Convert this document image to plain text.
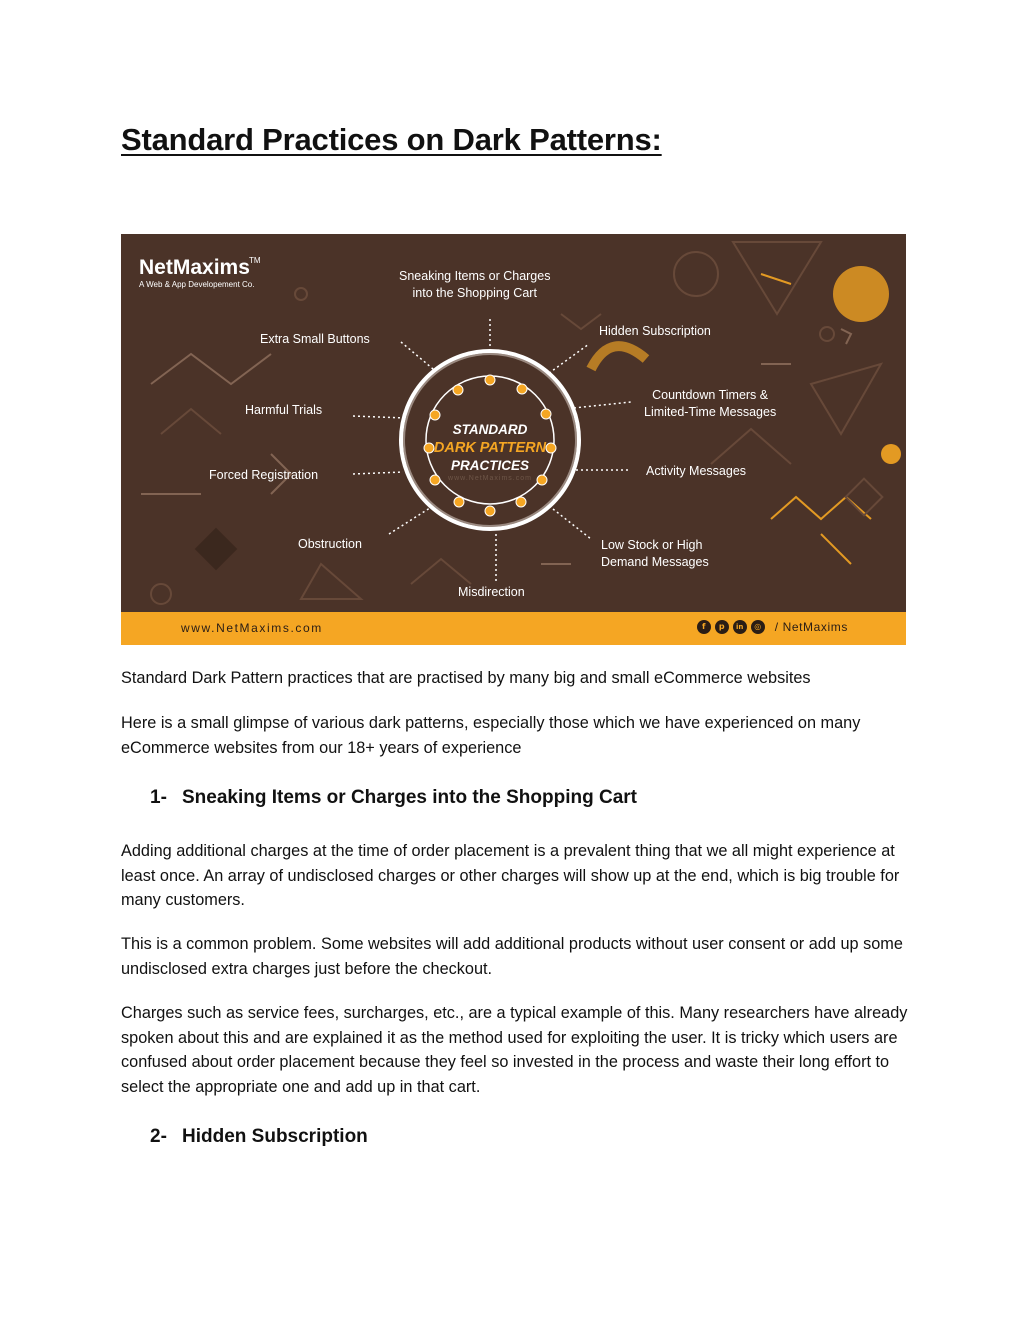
Standard Practices on Dark Patterns:
NetMaxims TM
A Web & App Developement Co.
Sneaking Items or Charges
into the Shopping Cart
Hidden Subscription
Extra Small Buttons
Countdown Timers &
Limited-Time Messages
Harmful Trials
Activity Messages
Forced Registration
Obstruction	Low Stock or High
Demand Messages
Misdirection
STANDARD
DARK PATTERN
PRACTICES
www.NetMaxims.com
www.NetMaxims.com	f	p	in	◎ / NetMaxims

Standard Dark Pattern practices that are practised by many big and small eCommerce websites

Here is a small glimpse of various dark patterns, especially those which we have experienced on many eCommerce websites from our 18+ years of experience

1- Sneaking Items or Charges into the Shopping Cart

Adding additional charges at the time of order placement is a prevalent thing that we all might experience at least once. An array of undisclosed charges or other charges will show up at the end, which is big trouble for many customers.

This is a common problem. Some websites will add additional products without user consent or add up some undisclosed extra charges just before the checkout.

Charges such as service fees, surcharges, etc., are a typical example of this. Many researchers have already spoken about this and are explained it as the method used for exploiting the user. It is tricky which users are confused about order placement because they feel so invested in the process and waste their long effort to select the appropriate one and add up in that cart.

2- Hidden Subscription
